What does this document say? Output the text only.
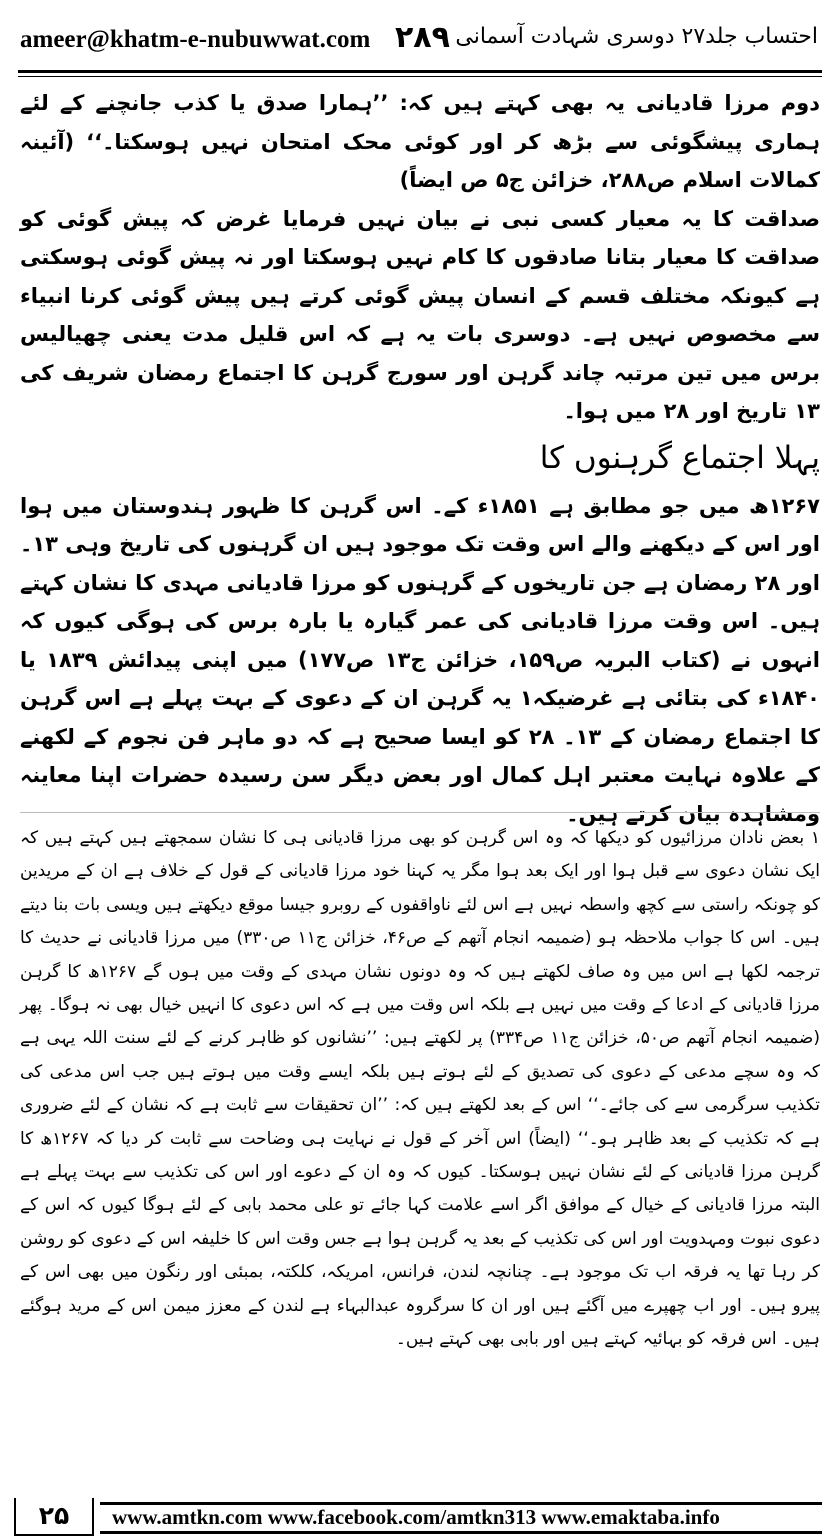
ameer@khatm-e-nubuwwat.com ۲۸۹ احتساب جلد۲۷ دوسری شہادت آسمانی

دوم مرزا قادیانی یہ بھی کہتے ہیں کہ: ’’ہمارا صدق یا کذب جانچنے کے لئے ہماری پیشگوئی سے بڑھ کر اور کوئی محک امتحان نہیں ہوسکتا۔‘‘ (آئینہ کمالات اسلام ص۲۸۸، خزائن ج۵ ص ایضاً)

صداقت کا یہ معیار کسی نبی نے بیان نہیں فرمایا غرض کہ پیش گوئی کو صداقت کا معیار بتانا صادقوں کا کام نہیں ہوسکتا اور نہ پیش گوئی ہوسکتی ہے کیونکہ مختلف قسم کے انسان پیش گوئی کرتے ہیں پیش گوئی کرنا انبیاء سے مخصوص نہیں ہے۔ دوسری بات یہ ہے کہ اس قلیل مدت یعنی چھیالیس برس میں تین مرتبہ چاند گرہن اور سورج گرہن کا اجتماع رمضان شریف کی ۱۳ تاریخ اور ۲۸ میں ہوا۔

پہلا اجتماع گرہنوں کا

۱۲۶۷ھ میں جو مطابق ہے ۱۸۵۱ء کے۔ اس گرہن کا ظہور ہندوستان میں ہوا اور اس کے دیکھنے والے اس وقت تک موجود ہیں ان گرہنوں کی تاریخ وہی ۱۳۔ اور ۲۸ رمضان ہے جن تاریخوں کے گرہنوں کو مرزا قادیانی مہدی کا نشان کہتے ہیں۔ اس وقت مرزا قادیانی کی عمر گیارہ یا بارہ برس کی ہوگی کیوں کہ انہوں نے (کتاب البریہ ص۱۵۹، خزائن ج۱۳ ص۱۷۷) میں اپنی پیدائش ۱۸۳۹ یا ۱۸۴۰ء کی بتائی ہے غرضیکہ۱ یہ گرہن ان کے دعوی کے بہت پہلے ہے اس گرہن کا اجتماع رمضان کے ۱۳۔ ۲۸ کو ایسا صحیح ہے کہ دو ماہر فن نجوم کے لکھنے کے علاوہ نہایت معتبر اہل کمال اور بعض دیگر سن رسیدہ حضرات اپنا معاینہ ومشاہدہ بیان کرتے ہیں۔

۱ بعض نادان مرزائیوں کو دیکھا کہ وہ اس گرہن کو بھی مرزا قادیانی ہی کا نشان سمجھتے ہیں کہتے ہیں کہ ایک نشان دعوی سے قبل ہوا اور ایک بعد ہوا مگر یہ کہنا خود مرزا قادیانی کے قول کے خلاف ہے ان کے مریدین کو چونکہ راستی سے کچھ واسطہ نہیں ہے اس لئے ناواقفوں کے روبرو جیسا موقع دیکھتے ہیں ویسی بات بنا دیتے ہیں۔ اس کا جواب ملاحظہ ہو (ضمیمہ انجام آتھم کے ص۴۶، خزائن ج۱۱ ص۳۳۰) میں مرزا قادیانی نے حدیث کا ترجمہ لکھا ہے اس میں وہ صاف لکھتے ہیں کہ وہ دونوں نشان مہدی کے وقت میں ہوں گے ۱۲۶۷ھ کا گرہن مرزا قادیانی کے ادعا کے وقت میں نہیں ہے بلکہ اس وقت میں ہے کہ اس دعوی کا انہیں خیال بھی نہ ہوگا۔ پھر (ضمیمہ انجام آتھم ص۵۰، خزائن ج۱۱ ص۳۳۴) پر لکھتے ہیں: ’’نشانوں کو ظاہر کرنے کے لئے سنت اللہ یہی ہے کہ وہ سچے مدعی کے دعوی کی تصدیق کے لئے ہوتے ہیں بلکہ ایسے وقت میں ہوتے ہیں جب اس مدعی کی تکذیب سرگرمی سے کی جائے۔‘‘ اس کے بعد لکھتے ہیں کہ: ’’ان تحقیقات سے ثابت ہے کہ نشان کے لئے ضروری ہے کہ تکذیب کے بعد ظاہر ہو۔‘‘ (ایضاً) اس آخر کے قول نے نہایت ہی وضاحت سے ثابت کر دیا کہ ۱۲۶۷ھ کا گرہن مرزا قادیانی کے لئے نشان نہیں ہوسکتا۔ کیوں کہ وہ ان کے دعوے اور اس کی تکذیب سے بہت پہلے ہے البتہ مرزا قادیانی کے خیال کے موافق اگر اسے علامت کہا جائے تو علی محمد بابی کے لئے ہوگا کیوں کہ اس کے دعوی نبوت ومہدویت اور اس کی تکذیب کے بعد یہ گرہن ہوا ہے جس وقت اس کا خلیفہ اس کے دعوی کو روشن کر رہا تھا یہ فرقہ اب تک موجود ہے۔ چنانچہ لندن، فرانس، امریکہ، کلکتہ، بمبئی اور رنگون میں بھی اس کے پیرو ہیں۔ اور اب چھپرے میں آگئے ہیں اور ان کا سرگروہ عبدالبہاء ہے لندن کے معزز میمن اس کے مرید ہوگئے ہیں۔ اس فرقہ کو بہائیہ کہتے ہیں اور بابی بھی کہتے ہیں۔

۲۵	www.amtkn.com www.facebook.com/amtkn313 www.emaktaba.info
